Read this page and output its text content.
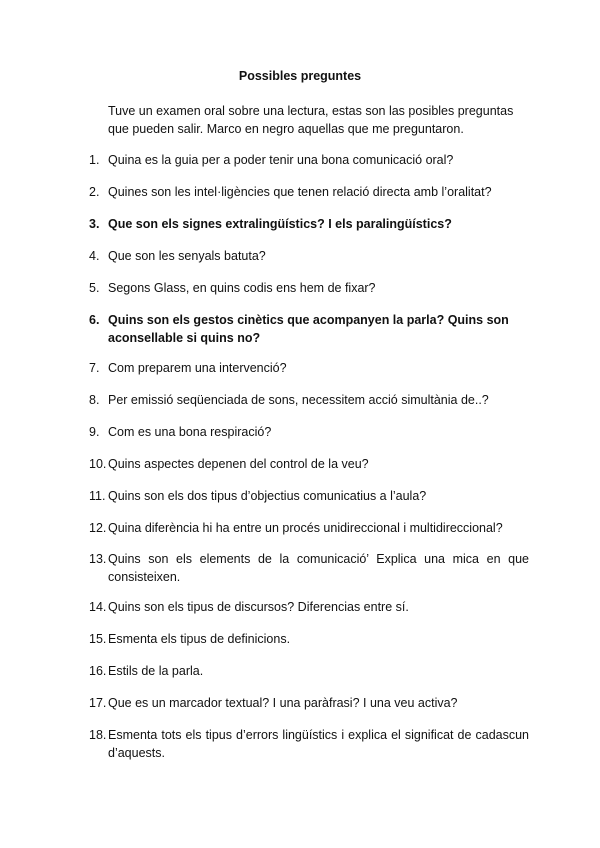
Possibles preguntes
Tuve un examen oral sobre una lectura, estas son las posibles preguntas que pueden salir. Marco en negro aquellas que me preguntaron.
1. Quina es la guia per a poder tenir una bona comunicació oral?
2. Quines son les intel·ligències que tenen relació directa amb l’oralitat?
3. Que son els signes extralingüístics? I els paralingüístics?
4. Que son les senyals batuta?
5. Segons Glass, en quins codis ens hem de fixar?
6. Quins son els gestos cinètics que acompanyen la parla? Quins son aconsellable si quins no?
7. Com preparem una intervenció?
8. Per emissió seqüenciada de sons, necessitem acció simultània de..?
9. Com es una bona respiració?
10. Quins aspectes depenen del control de la veu?
11. Quins son els dos tipus d’objectius comunicatius a l’aula?
12. Quina diferència hi ha entre un procés unidireccional i multidireccional?
13. Quins son els elements de la comunicació’ Explica una mica en que consisteixen.
14. Quins son els tipus de discursos? Diferencias entre sí.
15. Esmenta els tipus de definicions.
16. Estils de la parla.
17. Que es un marcador textual? I una paràfrasi? I una veu activa?
18. Esmenta tots els tipus d’errors lingüístics i explica el significat de cadascun d’aquests.
